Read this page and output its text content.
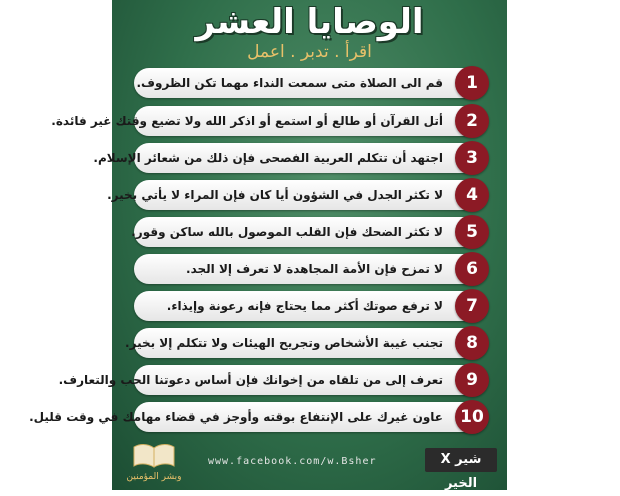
الوصايا العشر
اقرأ . تدبر . اعمل
قم الى الصلاة متى سمعت النداء مهما تكن الظروف.	1
أتل القرآن أو طالع أو استمع أو اذكر الله ولا تضيع وقتك غير فائدة.	2
اجتهد أن تتكلم العربية الفصحى فإن ذلك من شعائر الإسلام.	3
لا تكثر الجدل في الشؤون أيا كان فإن المراء لا يأتي بخير.	4
لا تكثر الضحك فإن القلب الموصول بالله ساكن وقور.	5
لا تمزح فإن الأمة المجاهدة لا تعرف إلا الجد.	6
لا ترفع صوتك أكثر مما يحتاج فإنه رعونة وإيذاء.	7
تجنب غيبة الأشخاص وتجريح الهيئات ولا تتكلم إلا بخير.	8
تعرف إلى من تلقاه من إخوانك فإن أساس دعوتنا الحب والتعارف.	9
عاون غيرك على الإنتفاع بوقته وأوجز في قضاء مهامك في وقت قليل.	10
وبشر المؤمنين
www.facebook.com/w.Bsher	شير X الخير
